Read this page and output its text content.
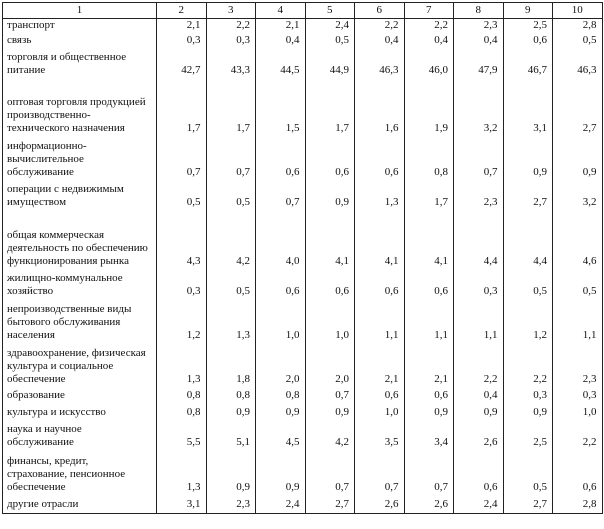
1	2	3	4	5	6	7	8	9	10
транспорт	2,1	2,2	2,1	2,4	2,2	2,2	2,3	2,5	2,8
связь	0,3	0,3	0,4	0,5	0,4	0,4	0,4	0,6	0,5
торговля и общественное питание	42,7	43,3	44,5	44,9	46,3	46,0	47,9	46,7	46,3
оптовая торговля продукцией производственно-технического назначения	1,7	1,7	1,5	1,7	1,6	1,9	3,2	3,1	2,7
информационно-вычислительное обслуживание	0,7	0,7	0,6	0,6	0,6	0,8	0,7	0,9	0,9
операции с недвижимым имуществом	0,5	0,5	0,7	0,9	1,3	1,7	2,3	2,7	3,2
общая коммерческая деятельность по обеспечению функционирования рынка	4,3	4,2	4,0	4,1	4,1	4,1	4,4	4,4	4,6
жилищно-коммунальное хозяйство	0,3	0,5	0,6	0,6	0,6	0,6	0,3	0,5	0,5
непроизводственные виды бытового обслуживания населения	1,2	1,3	1,0	1,0	1,1	1,1	1,1	1,2	1,1
здравоохранение, физическая культура и социальное обеспечение	1,3	1,8	2,0	2,0	2,1	2,1	2,2	2,2	2,3
образование	0,8	0,8	0,8	0,7	0,6	0,6	0,4	0,3	0,3
культура и искусство	0,8	0,9	0,9	0,9	1,0	0,9	0,9	0,9	1,0
наука и научное обслуживание	5,5	5,1	4,5	4,2	3,5	3,4	2,6	2,5	2,2
финансы, кредит, страхование, пенсионное обеспечение	1,3	0,9	0,9	0,7	0,7	0,7	0,6	0,5	0,6
другие отрасли	3,1	2,3	2,4	2,7	2,6	2,6	2,4	2,7	2,8
